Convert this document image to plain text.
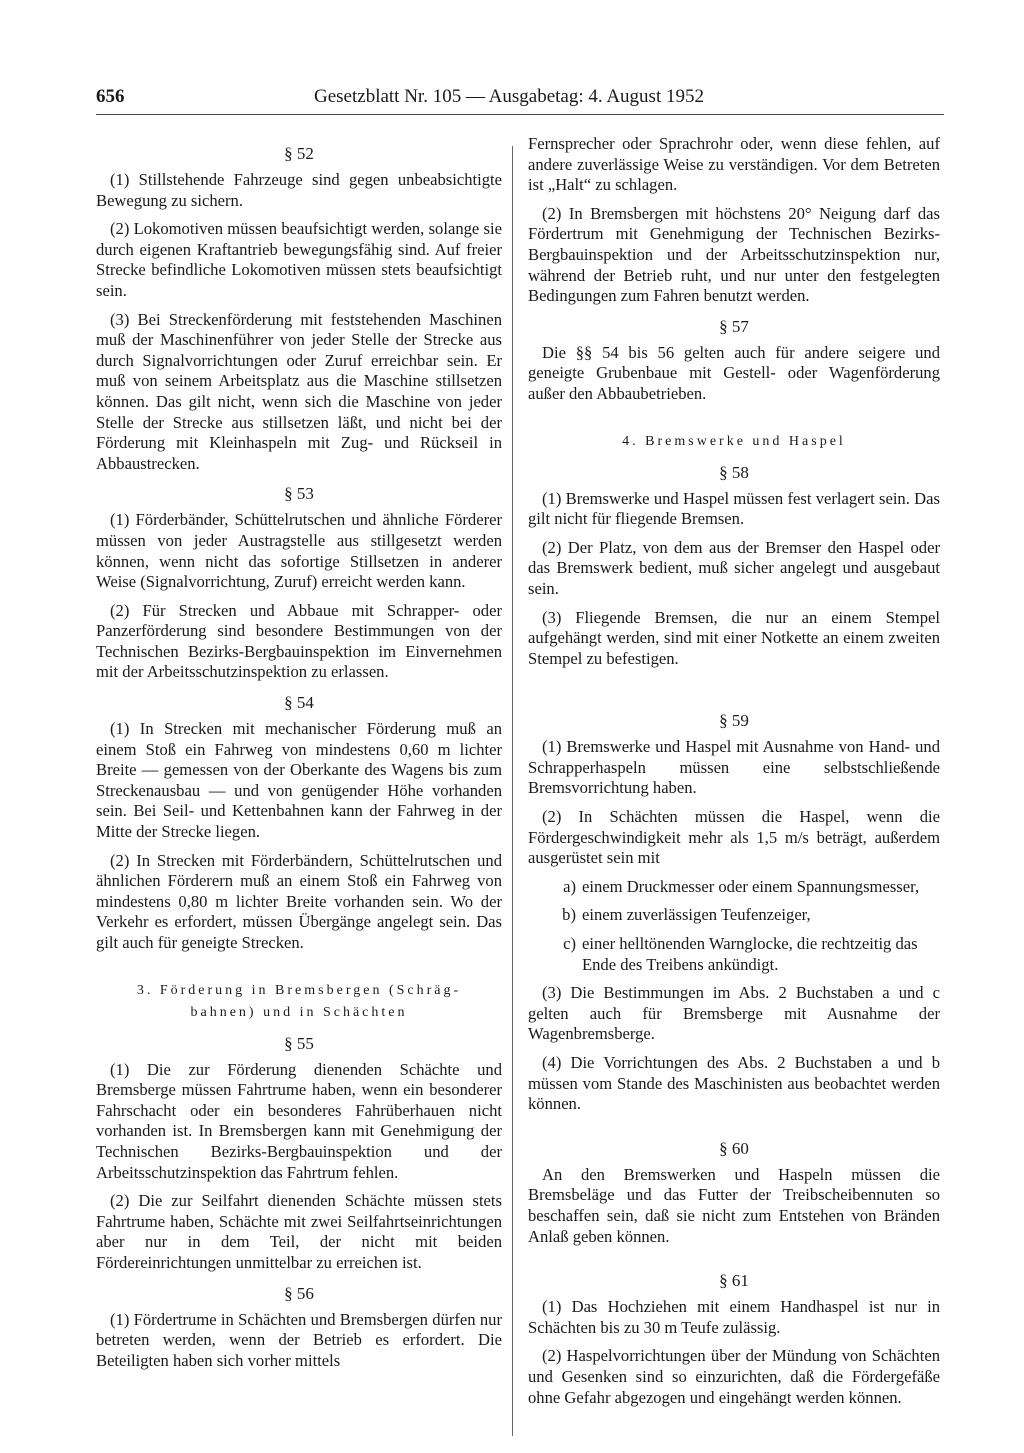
656	Gesetzblatt Nr. 105 — Ausgabetag: 4. August 1952
§ 52

(1) Stillstehende Fahrzeuge sind gegen unbeabsichtigte Bewegung zu sichern.

(2) Lokomotiven müssen beaufsichtigt werden, solange sie durch eigenen Kraftantrieb bewegungsfähig sind. Auf freier Strecke befindliche Lokomotiven müssen stets beaufsichtigt sein.

(3) Bei Streckenförderung mit feststehenden Maschinen muß der Maschinenführer von jeder Stelle der Strecke aus durch Signalvorrichtungen oder Zuruf erreichbar sein. Er muß von seinem Arbeitsplatz aus die Maschine stillsetzen können. Das gilt nicht, wenn sich die Maschine von jeder Stelle der Strecke aus stillsetzen läßt, und nicht bei der Förderung mit Kleinhaspeln mit Zug- und Rückseil in Abbaustrecken.

§ 53

(1) Förderbänder, Schüttelrutschen und ähnliche Förderer müssen von jeder Austragstelle aus stillgesetzt werden können, wenn nicht das sofortige Stillsetzen in anderer Weise (Signalvorrichtung, Zuruf) erreicht werden kann.

(2) Für Strecken und Abbaue mit Schrapper- oder Panzerförderung sind besondere Bestimmungen von der Technischen Bezirks-Bergbauinspektion im Einvernehmen mit der Arbeitsschutzinspektion zu erlassen.

§ 54

(1) In Strecken mit mechanischer Förderung muß an einem Stoß ein Fahrweg von mindestens 0,60 m lichter Breite — gemessen von der Oberkante des Wagens bis zum Streckenausbau — und von genügender Höhe vorhanden sein. Bei Seil- und Kettenbahnen kann der Fahrweg in der Mitte der Strecke liegen.

(2) In Strecken mit Förderbändern, Schüttelrutschen und ähnlichen Förderern muß an einem Stoß ein Fahrweg von mindestens 0,80 m lichter Breite vorhanden sein. Wo der Verkehr es erfordert, müssen Übergänge angelegt sein. Das gilt auch für geneigte Strecken.

3. Förderung in Bremsbergen (Schräg-
bahnen) und in Schächten
§ 55

(1) Die zur Förderung dienenden Schächte und Bremsberge müssen Fahrtrume haben, wenn ein besonderer Fahrschacht oder ein besonderes Fahrüberhauen nicht vorhanden ist. In Bremsbergen kann mit Genehmigung der Technischen Bezirks-Bergbauinspektion und der Arbeitsschutzinspektion das Fahrtrum fehlen.

(2) Die zur Seilfahrt dienenden Schächte müssen stets Fahrtrume haben, Schächte mit zwei Seilfahrtseinrichtungen aber nur in dem Teil, der nicht mit beiden Fördereinrichtungen unmittelbar zu erreichen ist.

§ 56

(1) Fördertrume in Schächten und Bremsbergen dürfen nur betreten werden, wenn der Betrieb es erfordert. Die Beteiligten haben sich vorher mittels

Fernsprecher oder Sprachrohr oder, wenn diese fehlen, auf andere zuverlässige Weise zu verständigen. Vor dem Betreten ist „Halt“ zu schlagen.

(2) In Bremsbergen mit höchstens 20° Neigung darf das Fördertrum mit Genehmigung der Technischen Bezirks-Bergbauinspektion und der Arbeitsschutzinspektion nur, während der Betrieb ruht, und nur unter den festgelegten Bedingungen zum Fahren benutzt werden.

§ 57

Die §§ 54 bis 56 gelten auch für andere seigere und geneigte Grubenbaue mit Gestell- oder Wagenförderung außer den Abbaubetrieben.

4. Bremswerke und Haspel
§ 58

(1) Bremswerke und Haspel müssen fest verlagert sein. Das gilt nicht für fliegende Bremsen.

(2) Der Platz, von dem aus der Bremser den Haspel oder das Bremswerk bedient, muß sicher angelegt und ausgebaut sein.

(3) Fliegende Bremsen, die nur an einem Stempel aufgehängt werden, sind mit einer Notkette an einem zweiten Stempel zu befestigen.

§ 59

(1) Bremswerke und Haspel mit Ausnahme von Hand- und Schrapperhaspeln müssen eine selbstschließende Bremsvorrichtung haben.

(2) In Schächten müssen die Haspel, wenn die Fördergeschwindigkeit mehr als 1,5 m/s beträgt, außerdem ausgerüstet sein mit

a) einem Druckmesser oder einem Spannungsmesser,
b) einem zuverlässigen Teufenzeiger,
c) einer helltönenden Warnglocke, die rechtzeitig das Ende des Treibens ankündigt.

(3) Die Bestimmungen im Abs. 2 Buchstaben a und c gelten auch für Bremsberge mit Ausnahme der Wagenbremsberge.

(4) Die Vorrichtungen des Abs. 2 Buchstaben a und b müssen vom Stande des Maschinisten aus beobachtet werden können.

§ 60

An den Bremswerken und Haspeln müssen die Bremsbeläge und das Futter der Treibscheibennuten so beschaffen sein, daß sie nicht zum Entstehen von Bränden Anlaß geben können.

§ 61

(1) Das Hochziehen mit einem Handhaspel ist nur in Schächten bis zu 30 m Teufe zulässig.

(2) Haspelvorrichtungen über der Mündung von Schächten und Gesenken sind so einzurichten, daß die Fördergefäße ohne Gefahr abgezogen und eingehängt werden können.
